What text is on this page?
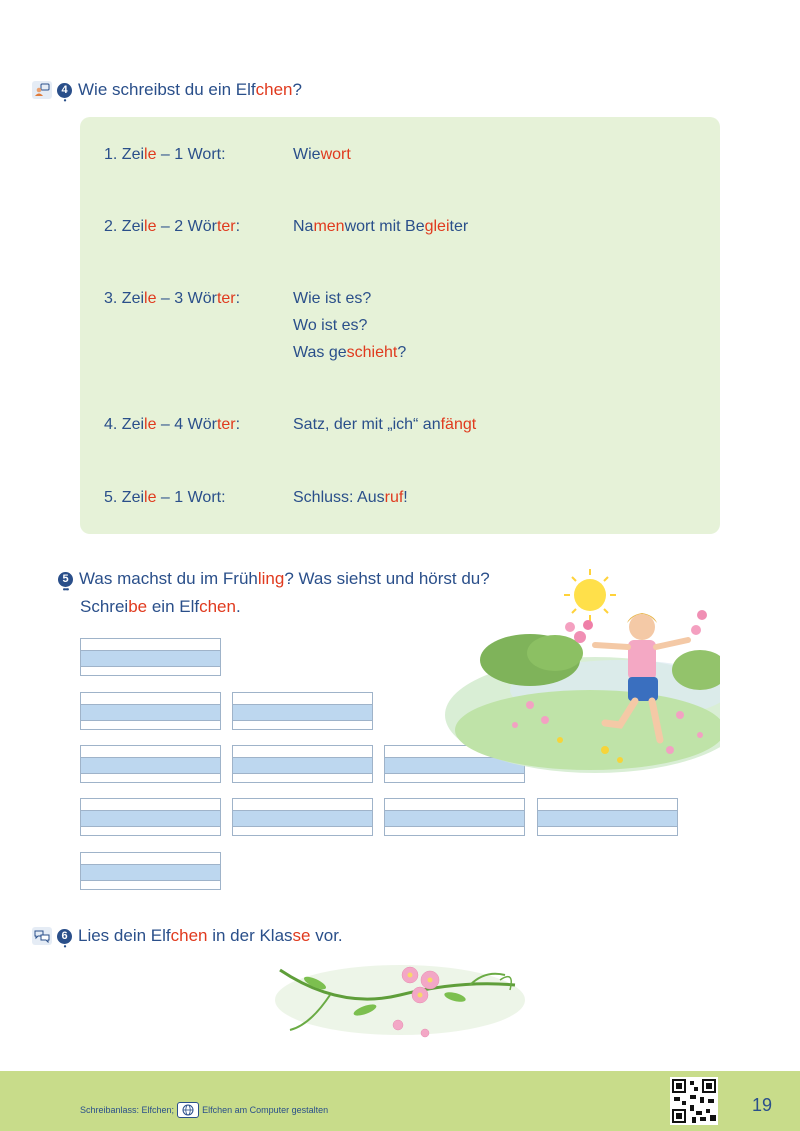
4
•
Wie schreibst du ein Elfchen?
1. Zeile – 1 Wort:	Wiewort
2. Zeile – 2 Wörter:	Namenwort mit Begleiter
3. Zeile – 3 Wörter:	Wie ist es?
Wo ist es?
Was geschieht?
4. Zeile – 4 Wörter:	Satz, der mit „ich“ anfängt
5. Zeile – 1 Wort:	Schluss: Ausruf!
5
•••
Was machst du im Frühling? Was siehst und hörst du?
Schreibe ein Elfchen.
6
•
Lies dein Elfchen in der Klasse vor.
Schreibanlass: Elfchen;	Elfchen am Computer gestalten	19
